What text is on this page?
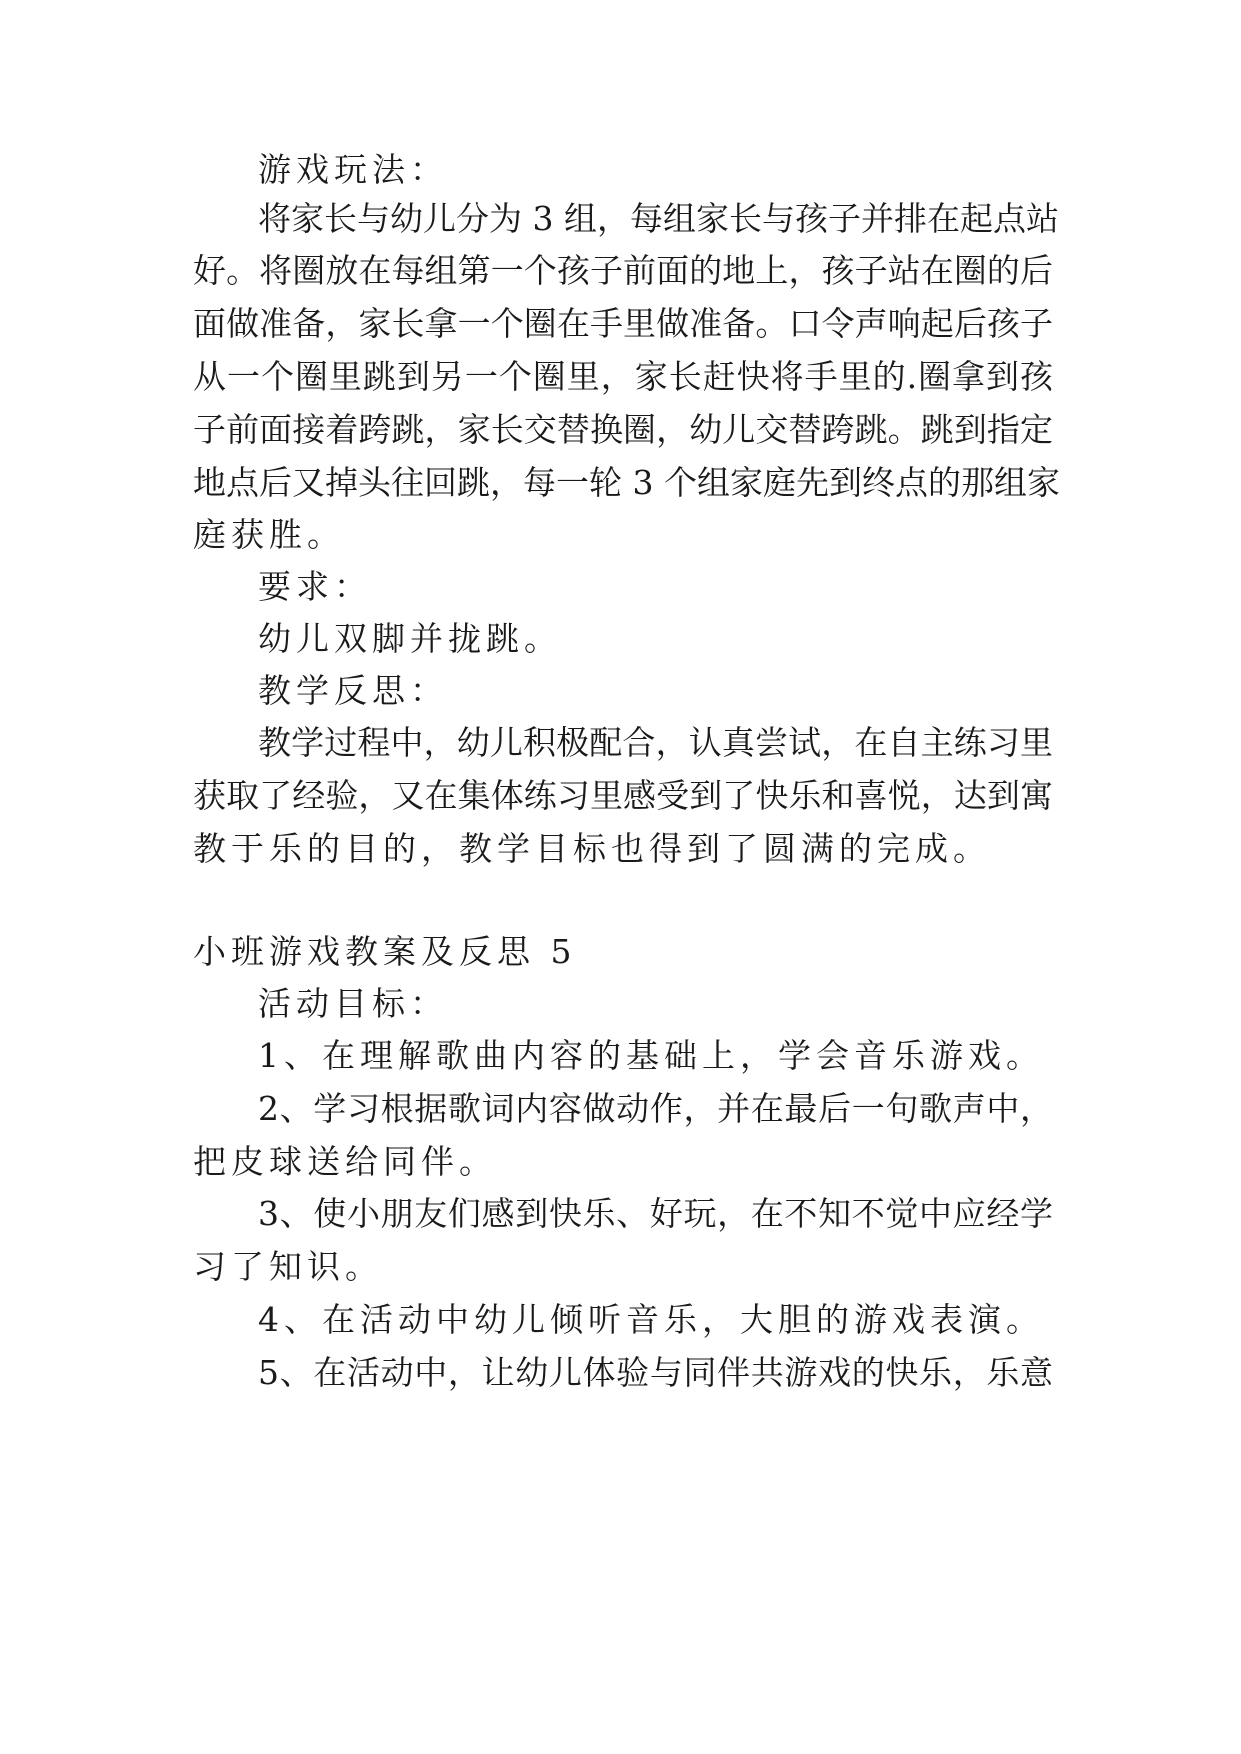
游戏玩法：
将家长与幼儿分为 3 组，每组家长与孩子并排在起点站
好。将圈放在每组第一个孩子前面的地上，孩子站在圈的后
面做准备，家长拿一个圈在手里做准备。口令声响起后孩子
从一个圈里跳到另一个圈里，家长赶快将手里的.圈拿到孩
子前面接着跨跳，家长交替换圈，幼儿交替跨跳。跳到指定
地点后又掉头往回跳，每一轮 3 个组家庭先到终点的那组家
庭获胜。
要求：
幼儿双脚并拢跳。
教学反思：
教学过程中，幼儿积极配合，认真尝试，在自主练习里
获取了经验，又在集体练习里感受到了快乐和喜悦，达到寓
教于乐的目的，教学目标也得到了圆满的完成。
小班游戏教案及反思 5
活动目标：
1、在理解歌曲内容的基础上，学会音乐游戏。
2、学习根据歌词内容做动作，并在最后一句歌声中，
把皮球送给同伴。
3、使小朋友们感到快乐、好玩，在不知不觉中应经学
习了知识。
4、在活动中幼儿倾听音乐，大胆的游戏表演。
5、在活动中，让幼儿体验与同伴共游戏的快乐，乐意
